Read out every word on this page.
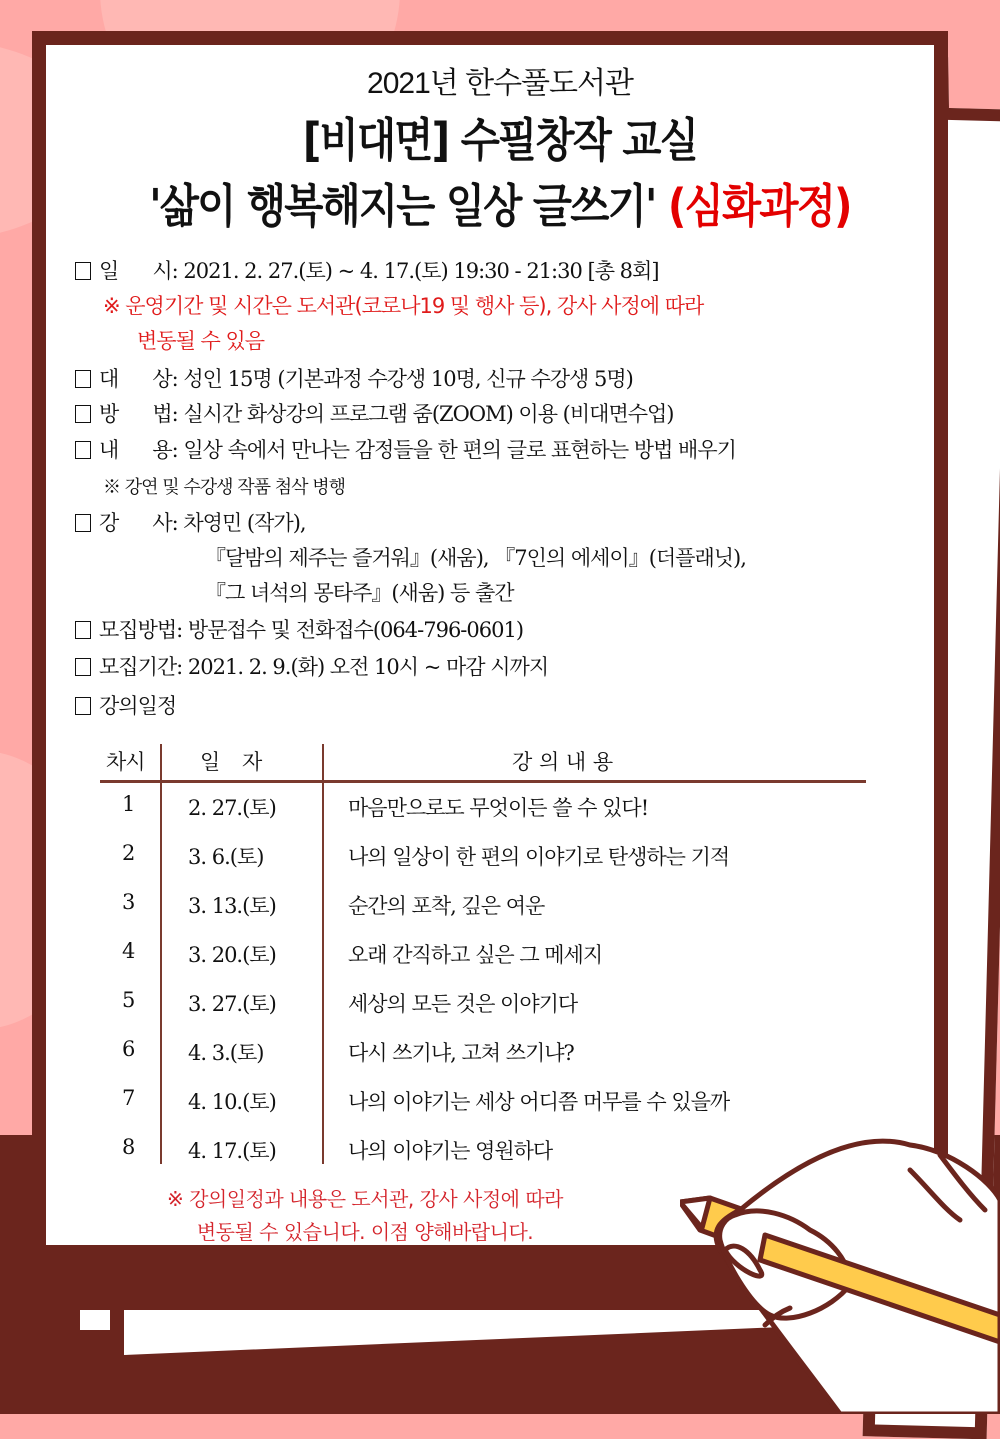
2021년 한수풀도서관
[비대면] 수필창작 교실
'삶이 행복해지는 일상 글쓰기' (심화과정)
일      시: 2021. 2. 27.(토) ~ 4. 17.(토) 19:30 - 21:30 [총 8회]
※ 운영기간 및 시간은 도서관(코로나19 및 행사 등), 강사 사정에 따라
변동될 수 있음
대      상: 성인 15명 (기본과정 수강생 10명, 신규 수강생 5명)
방      법: 실시간 화상강의 프로그램 줌(ZOOM) 이용 (비대면수업)
내      용: 일상 속에서 만나는 감정들을 한 편의 글로 표현하는 방법 배우기
※ 강연 및 수강생 작품 첨삭 병행
강      사: 차영민 (작가),
『달밤의 제주는 즐거워』(새움), 『7인의 에세이』(더플래닛),
『그 녀석의 몽타주』(새움) 등 출간
모집방법: 방문접수 및 전화접수(064-796-0601)
모집기간: 2021. 2. 9.(화) 오전 10시 ~ 마감 시까지
강의일정
차시	일    자	강 의 내 용
1	2. 27.(토)	마음만으로도 무엇이든 쓸 수 있다!
2	3. 6.(토)	나의 일상이 한 편의 이야기로 탄생하는 기적
3	3. 13.(토)	순간의 포착, 깊은 여운
4	3. 20.(토)	오래 간직하고 싶은 그 메세지
5	3. 27.(토)	세상의 모든 것은 이야기다
6	4. 3.(토)	다시 쓰기냐, 고쳐 쓰기냐?
7	4. 10.(토)	나의 이야기는 세상 어디쯤 머무를 수 있을까
8	4. 17.(토)	나의 이야기는 영원하다
※ 강의일정과 내용은 도서관, 강사 사정에 따라
변동될 수 있습니다. 이점 양해바랍니다.
